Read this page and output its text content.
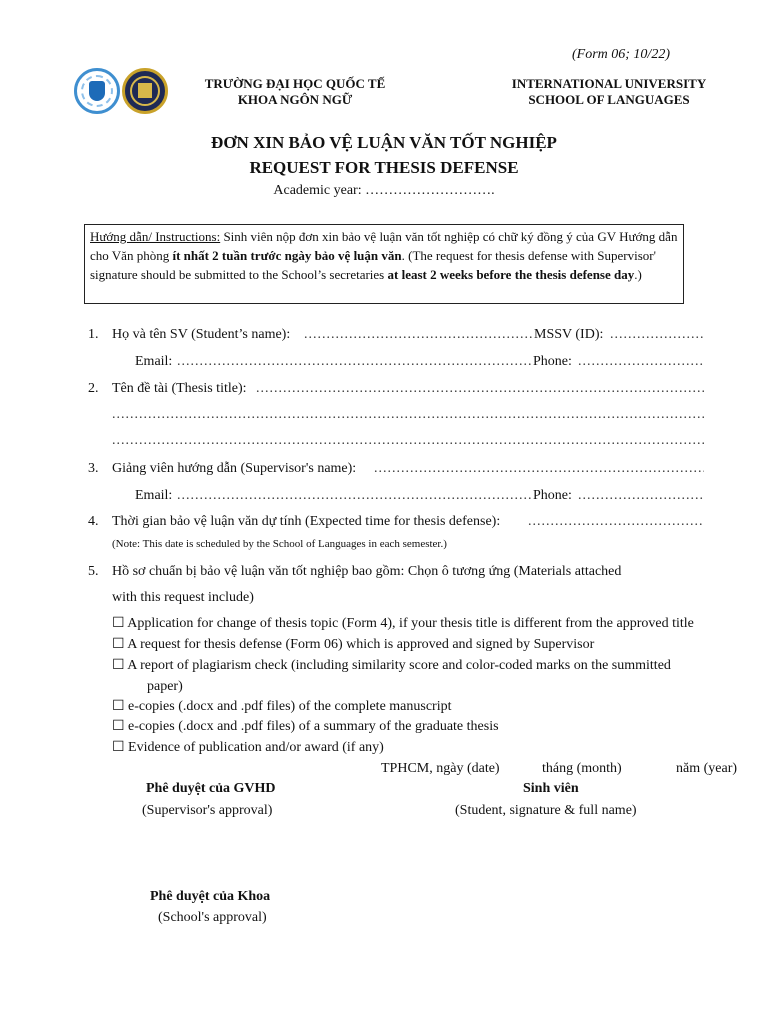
(Form 06; 10/22)
TRƯỜNG ĐẠI HỌC QUỐC TẾ
KHOA NGÔN NGỮ
INTERNATIONAL UNIVERSITY
SCHOOL OF LANGUAGES
ĐƠN XIN BẢO VỆ LUẬN VĂN TỐT NGHIỆP
REQUEST FOR THESIS DEFENSE
Academic year: ……………………….
Hướng dẫn/ Instructions: Sinh viên nộp đơn xin bảo vệ luận văn tốt nghiệp có chữ ký đồng ý của GV Hướng dẫn cho Văn phòng ít nhất 2 tuần trước ngày bảo vệ luận văn. (The request for thesis defense with Supervisor' signature should be submitted to the School’s secretaries at least 2 weeks before the thesis defense day.)
1. Họ và tên SV (Student’s name): .....	MSSV (ID):
.....
Email: .....	Phone:
.....
2. Tên đề tài (Thesis title):
.....
.....
.....
3. Giảng viên hướng dẫn (Supervisor's name):
.....
Email: .....	Phone:
.....
4. Thời gian bảo vệ luận văn dự tính (Expected time for thesis defense):
.....
(Note: This date is scheduled by the School of Languages in each semester.)
5. Hồ sơ chuẩn bị bảo vệ luận văn tốt nghiệp bao gồm: Chọn ô tương ứng (Materials attached
with this request include)
☐ Application for change of thesis topic (Form 4), if your thesis title is different from the approved title
☐ A request for thesis defense (Form 06) which is approved and signed by Supervisor
☐ A report of plagiarism check (including similarity score and color-coded marks on the summitted
paper)
☐ e-copies (.docx and .pdf files) of the complete manuscript
☐ e-copies (.docx and .pdf files) of a summary of the graduate thesis
☐ Evidence of publication and/or award (if any)
TPHCM, ngày (date)	tháng (month)	năm (year)
Phê duyệt của GVHD
(Supervisor's approval)
Sinh viên
(Student, signature & full name)
Phê duyệt của Khoa
(School's approval)
